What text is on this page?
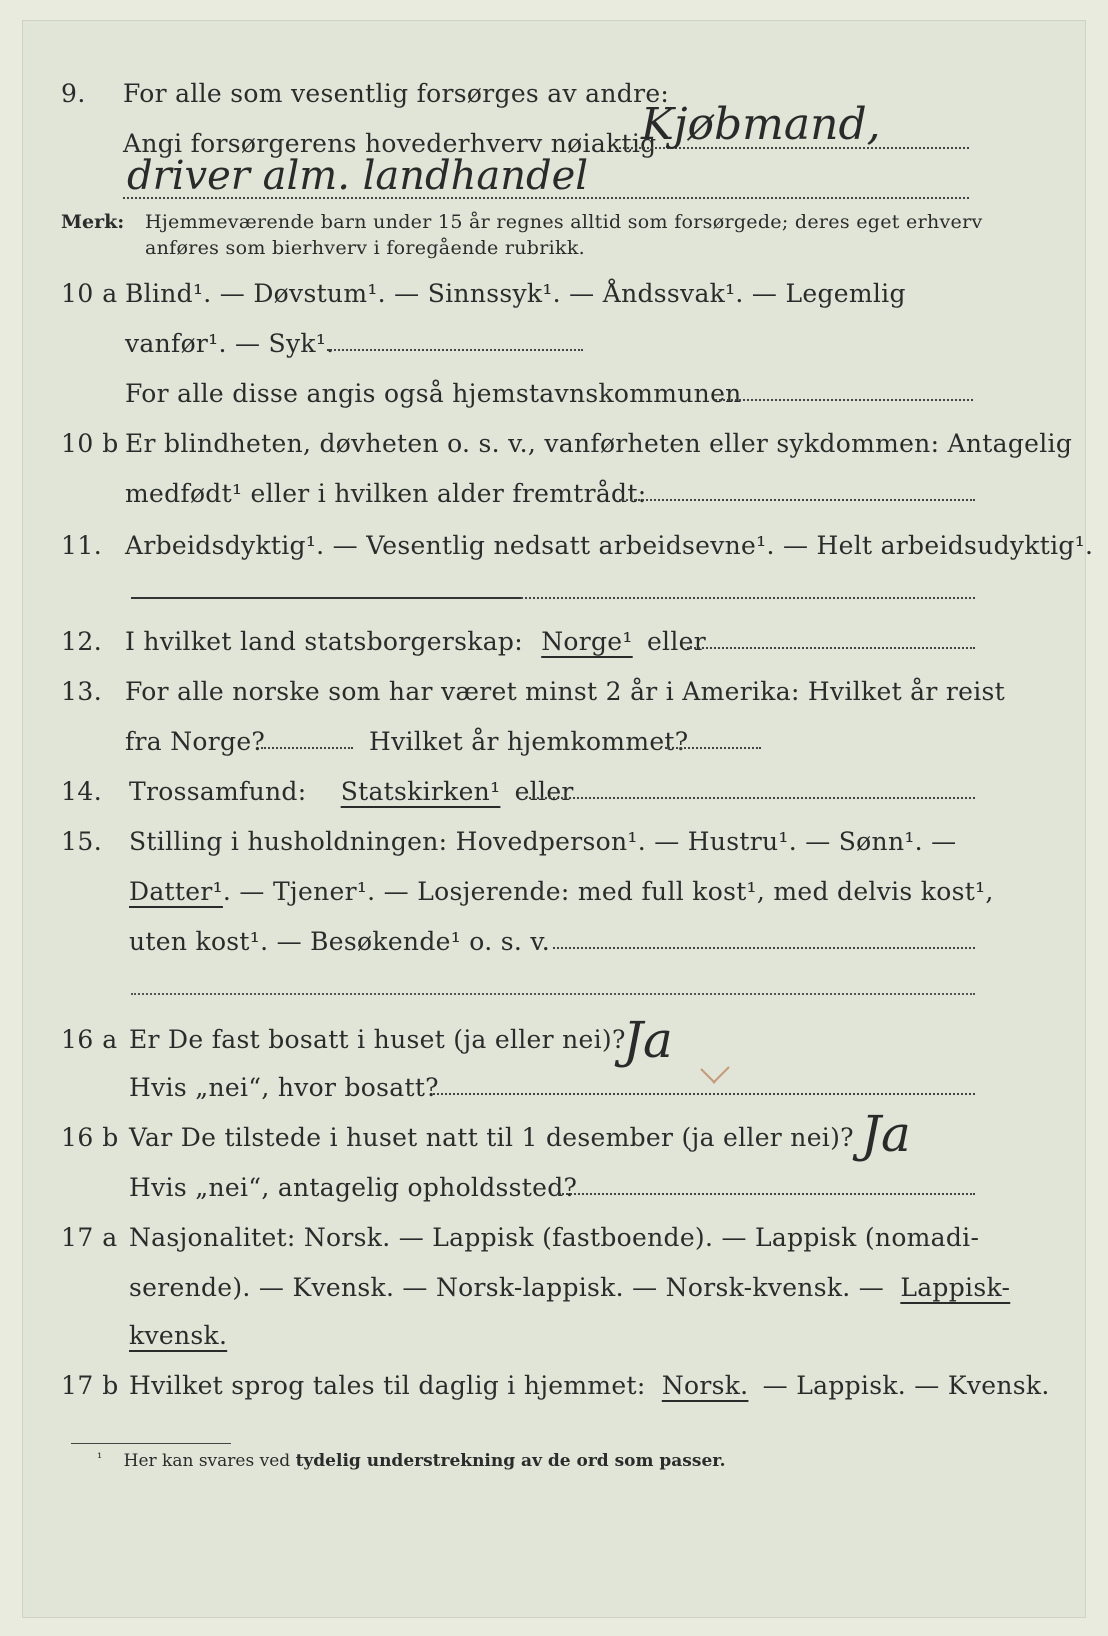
9. For alle som vesentlig forsørges av andre:
Angi forsørgerens hovederhverv nøiaktig
Kjøbmand,
driver alm. landhandel
Merk: Hjemmeværende barn under 15 år regnes alltid som forsørgede; deres eget erhverv
anføres som bierhverv i foregående rubrikk.
10 a Blind¹. — Døvstum¹. — Sinnssyk¹. — Åndssvak¹. — Legemlig
vanfør¹. — Syk¹.
For alle disse angis også hjemstavnskommunen
10 b Er blindheten, døvheten o. s. v., vanførheten eller sykdommen: Antagelig
medfødt¹ eller i hvilken alder fremtrådt:
11. Arbeidsdyktig¹. — Vesentlig nedsatt arbeidsevne¹. — Helt arbeidsudyktig¹.
12. I hvilket land statsborgerskap: Norge¹ eller
13. For alle norske som har været minst 2 år i Amerika: Hvilket år reist
fra Norge?	Hvilket år hjemkommet?
14. Trossamfund: Statskirken¹ eller
15. Stilling i husholdningen: Hovedperson¹. — Hustru¹. — Sønn¹. —
Datter¹. — Tjener¹. — Losjerende: med full kost¹, med delvis kost¹,
uten kost¹. — Besøkende¹ o. s. v.
16 a Er De fast bosatt i huset (ja eller nei)?
Ja
Hvis „nei“, hvor bosatt?
16 b Var De tilstede i huset natt til 1 desember (ja eller nei)? Ja
Hvis „nei“, antagelig opholdssted?
17 a Nasjonalitet: Norsk. — Lappisk (fastboende). — Lappisk (nomadi-
serende). — Kvensk. — Norsk-lappisk. — Norsk-kvensk. — Lappisk-
kvensk.
17 b Hvilket sprog tales til daglig i hjemmet: Norsk. — Lappisk. — Kvensk.
$^{^1}$ Her kan svares ved tydelig understrekning av de ord som passer.
